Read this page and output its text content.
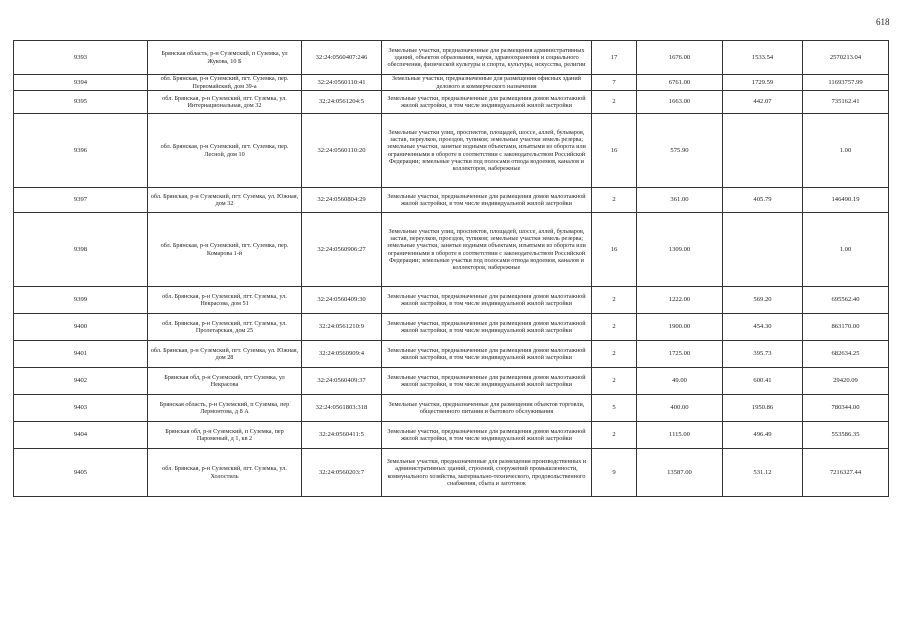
618
9393	Брянская область, р-н Суземский, п Суземка, ул Жукова, 10 Б	32:24:0560407:246	Земельные участки, предназначенные для размещения административных зданий, объектов образования, науки, здравоохранения и социального обеспечения, физической культуры и спорта, культуры, искусства, религии	17	1676.00	1533.54	2570213.04
9394	обл. Брянская, р-н Суземский, пгт. Суземка, пер. Первомайский, дом 39-а	32:24:0560110:41	Земельные участки, предназначенные для размещения офисных зданий делового и коммерческого назначения	7	6761.00	1729.59	11693757.99
9395	обл. Брянская, р-н Суземский, пгт. Суземка, ул. Интернациональная, дом 32	32:24:0561204:5	Земельные участки, предназначенные для размещения домов малоэтажной жилой застройки, в том числе индивидуальной жилой застройки	2	1663.00	442.07	735162.41
9396	обл. Брянская, р-н Суземский, пгт. Суземка, пер. Лесной, дом 10	32:24:0560110:20	Земельные участки улиц, проспектов, площадей, шоссе, аллей, бульваров, застав, переулков, проездов, тупиков; земельные участки земель резерва; земельные участки, занятые водными объектами, изъятыми из оборота или ограниченными в обороте в соответствии с законодательством Российской Федерации; земельные участки под полосами отвода водоемов, каналов и коллекторов, набережные	16	575.90		1.00
9397	обл. Брянская, р-н Суземский, пгт. Суземка, ул. Южная, дом 32	32:24:0560804:29	Земельные участки, предназначенные для размещения домов малоэтажной жилой застройки, в том числе индивидуальной жилой застройки	2	361.00	405.79	146490.19
9398	обл. Брянская, р-н Суземский, пгт. Суземка, пер. Комарова 1-й	32:24:0560906:27	Земельные участки улиц, проспектов, площадей, шоссе, аллей, бульваров, застав, переулков, проездов, тупиков; земельные участки земель резерва; земельные участки, занятые водными объектами, изъятыми из оборота или ограниченными в обороте в соответствии с законодательством Российской Федерации; земельные участки под полосами отвода водоемов, каналов и коллекторов, набережные	16	1309.00		1.00
9399	обл. Брянская, р-н Суземский, пгт. Суземка, ул. Некрасова, дом 51	32:24:0560409:30	Земельные участки, предназначенные для размещения домов малоэтажной жилой застройки, в том числе индивидуальной жилой застройки	2	1222.00	569.20	695562.40
9400	обл. Брянская, р-н Суземский, пгт. Суземка, ул. Пролетарская, дом 25	32:24:0561210:9	Земельные участки, предназначенные для размещения домов малоэтажной жилой застройки, в том числе индивидуальной жилой застройки	2	1900.00	454.30	863170.00
9401	обл. Брянская, р-н Суземский, пгт. Суземка, ул. Южная, дом 28	32:24:0560909:4	Земельные участки, предназначенные для размещения домов малоэтажной жилой застройки, в том числе индивидуальной жилой застройки	2	1725.00	395.73	682634.25
9402	Брянская обл, р-н Суземский, пгт Суземка, ул Некрасова	32:24:0560409:37	Земельные участки, предназначенные для размещения домов малоэтажной жилой застройки, в том числе индивидуальной жилой застройки	2	49.00	600.41	29420.09
9403	Брянская область, р-н Суземский, п Суземка, пер Лермонтова, д 8 А	32:24:0561803:318	Земельные участки, предназначенные для размещения объектов торговли, общественного питания и бытового обслуживания	5	400.00	1950.86	780344.00
9404	Брянская обл, р-н Суземский, п Суземка, пер Пароменый, д 1, кв 2	32:24:0560411:5	Земельные участки, предназначенные для размещения домов малоэтажной жилой застройки, в том числе индивидуальной жилой застройки	2	1115.00	496.49	553586.35
9405	обл. Брянская, р-н Суземский, пгт. Суземка, ул. Холостиль	32:24:0560203:7	Земельные участки, предназначенные для размещения производственных и административных зданий, строений, сооружений промышленности, коммунального хозяйства, материально-технического, продовольственного снабжения, сбыта и заготовок	9	13587.00	531.12	7216327.44
